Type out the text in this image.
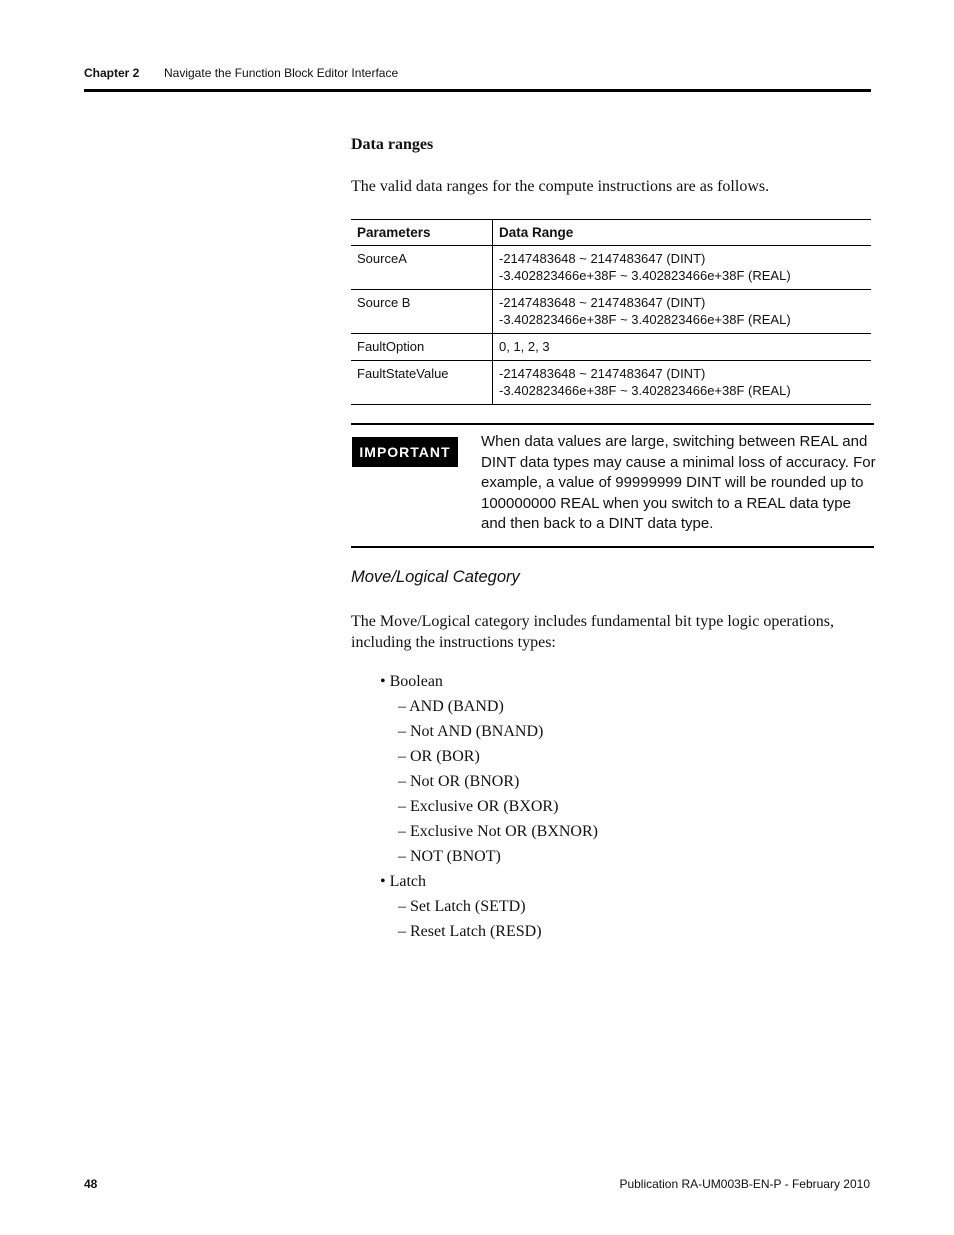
Chapter 2 Navigate the Function Block Editor Interface
Data ranges
The valid data ranges for the compute instructions are as follows.
Parameters	Data Range
SourceA	-2147483648 ~ 2147483647 (DINT)
-3.402823466e+38F ~ 3.402823466e+38F (REAL)

Source B	-2147483648 ~ 2147483647 (DINT)
-3.402823466e+38F ~ 3.402823466e+38F (REAL)

FaultOption	0, 1, 2, 3

FaultStateValue	-2147483648 ~ 2147483647 (DINT)
-3.402823466e+38F ~ 3.402823466e+38F (REAL)
IMPORTANT
When data values are large, switching between REAL and DINT data types may cause a minimal loss of accuracy. For example, a value of 99999999 DINT will be rounded up to 100000000 REAL when you switch to a REAL data type and then back to a DINT data type.
Move/Logical Category
The Move/Logical category includes fundamental bit type logic operations, including the instructions types:
• Boolean
– AND (BAND)
– Not AND (BNAND)
– OR (BOR)
– Not OR (BNOR)
– Exclusive OR (BXOR)
– Exclusive Not OR (BXNOR)
– NOT (BNOT)
• Latch
– Set Latch (SETD)
– Reset Latch (RESD)
48	Publication RA-UM003B-EN-P - February 2010
